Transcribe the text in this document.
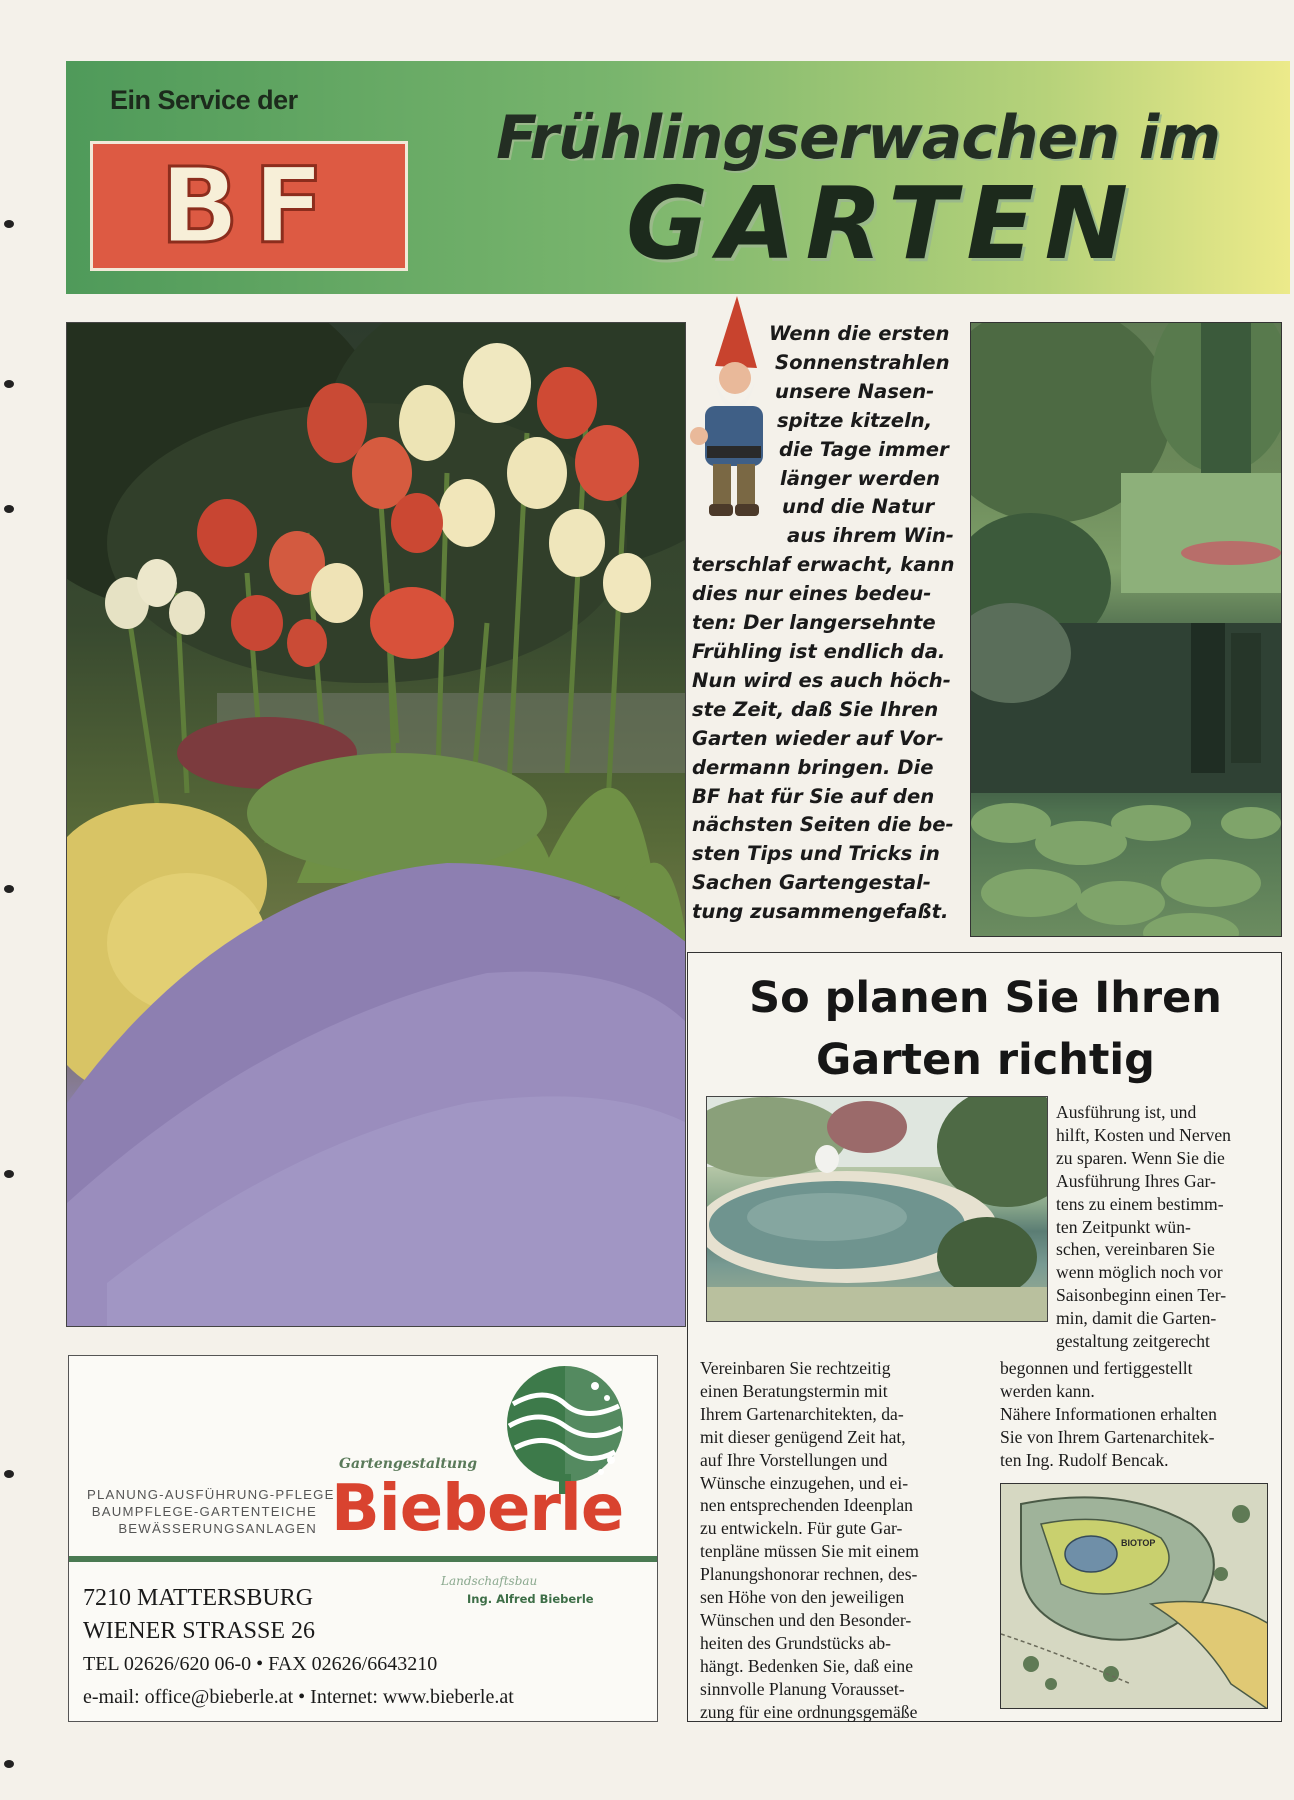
Ein Service der
BF
Frühlingserwachen im
GARTEN
Wenn die ersten
Sonnenstrahlen
unsere Nasen-
spitze kitzeln,
die Tage immer
länger werden
und die Natur
aus ihrem Win-
terschlaf erwacht, kann
dies nur eines bedeu-
ten: Der langersehnte
Frühling ist endlich da.
Nun wird es auch höch-
ste Zeit, daß Sie Ihren
Garten wieder auf Vor-
dermann bringen. Die
BF hat für Sie auf den
nächsten Seiten die be-
sten Tips und Tricks in
Sachen Gartengestal-
tung zusammengefaßt.
So planen Sie Ihren
Garten richtig
Ausführung ist, und
hilft, Kosten und Nerven
zu sparen. Wenn Sie die
Ausführung Ihres Gar-
tens zu einem bestimm-
ten Zeitpunkt wün-
schen, vereinbaren Sie
wenn möglich noch vor
Saisonbeginn einen Ter-
min, damit die Garten-
gestaltung zeitgerecht
Vereinbaren Sie rechtzeitig
einen Beratungstermin mit
Ihrem Gartenarchitekten, da-
mit dieser genügend Zeit hat,
auf Ihre Vorstellungen und
Wünsche einzugehen, und ei-
nen entsprechenden Ideenplan
zu entwickeln. Für gute Gar-
tenpläne müssen Sie mit einem
Planungshonorar rechnen, des-
sen Höhe von den jeweiligen
Wünschen und den Besonder-
heiten des Grundstücks ab-
hängt. Bedenken Sie, daß eine
sinnvolle Planung Vorausset-
zung für eine ordnungsgemäße
begonnen und fertiggestellt
werden kann.
Nähere Informationen erhalten
Sie von Ihrem Gartenarchitek-
ten Ing. Rudolf Bencak.
BIOTOP
Gartengestaltung
PLANUNG-AUSFÜHRUNG-PFLEGE
BAUMPFLEGE-GARTENTEICHE
BEWÄSSERUNGSANLAGEN Bieberle
Landschaftsbau
Ing. Alfred Bieberle
7210 MATTERSBURG
WIENER STRASSE 26
TEL 02626/620 06-0 • FAX 02626/6643210
e-mail: office@bieberle.at • Internet: www.bieberle.at
